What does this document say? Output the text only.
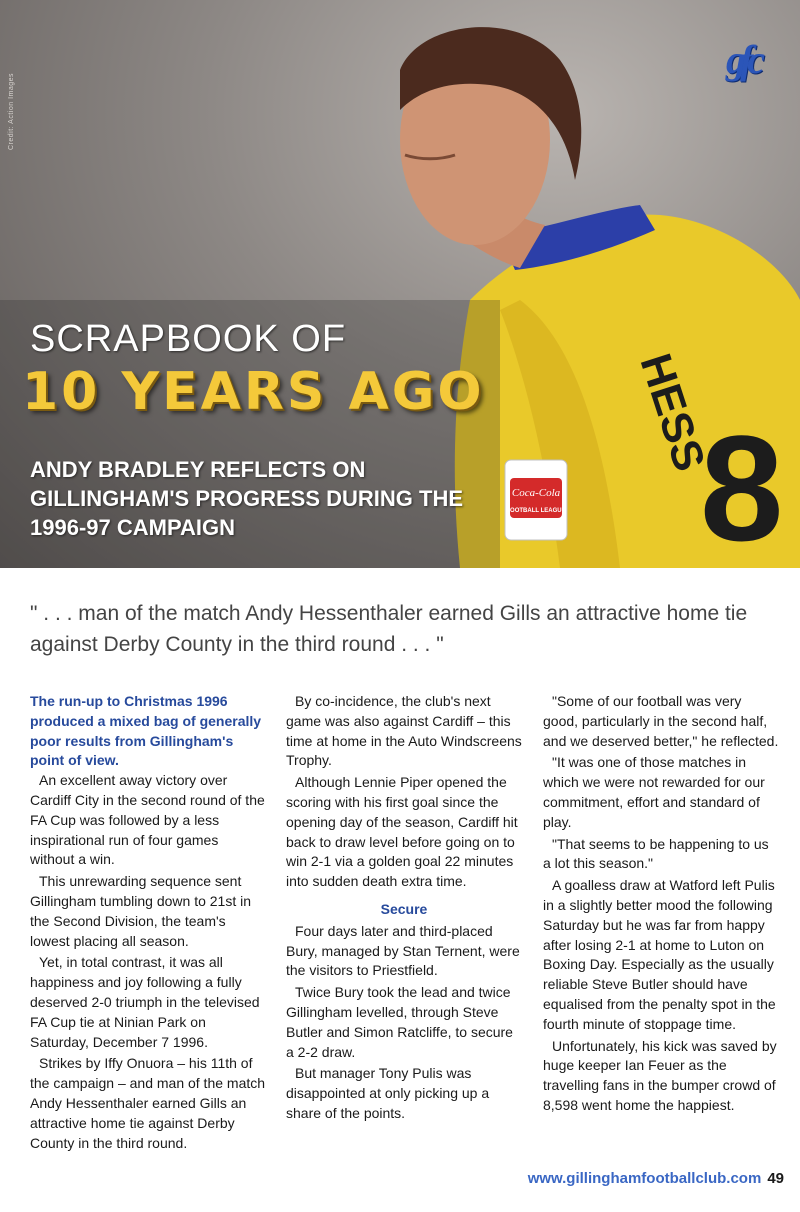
HESS
8
Coca-Cola
FOOTBALL LEAGUE
Credit: Action Images
gfc
SCRAPBOOK OF
10 YEARS AGO
ANDY BRADLEY REFLECTS ON GILLINGHAM'S PROGRESS DURING THE 1996-97 CAMPAIGN
" . . . man of the match Andy Hessenthaler earned Gills an attractive home tie against Derby County in the third round . . . "

The run-up to Christmas 1996 produced a mixed bag of generally poor results from Gillingham's point of view.

An excellent away victory over Cardiff City in the second round of the FA Cup was followed by a less inspirational run of four games without a win.

This unrewarding sequence sent Gillingham tumbling down to 21st in the Second Division, the team's lowest placing all season.

Yet, in total contrast, it was all happiness and joy following a fully deserved 2-0 triumph in the televised FA Cup tie at Ninian Park on Saturday, December 7 1996.

Strikes by Iffy Onuora – his 11th of the campaign – and man of the match Andy Hessenthaler earned Gills an attractive home tie against Derby County in the third round.

By co-incidence, the club's next game was also against Cardiff – this time at home in the Auto Windscreens Trophy.

Although Lennie Piper opened the scoring with his first goal since the opening day of the season, Cardiff hit back to draw level before going on to win 2-1 via a golden goal 22 minutes into sudden death extra time.

Secure

Four days later and third-placed Bury, managed by Stan Ternent, were the visitors to Priestfield.

Twice Bury took the lead and twice Gillingham levelled, through Steve Butler and Simon Ratcliffe, to secure a 2-2 draw.

But manager Tony Pulis was disappointed at only picking up a share of the points.

"Some of our football was very good, particularly in the second half, and we deserved better," he reflected.

"It was one of those matches in which we were not rewarded for our commitment, effort and standard of play.

"That seems to be happening to us a lot this season."

A goalless draw at Watford left Pulis in a slightly better mood the following Saturday but he was far from happy after losing 2-1 at home to Luton on Boxing Day. Especially as the usually reliable Steve Butler should have equalised from the penalty spot in the fourth minute of stoppage time.

Unfortunately, his kick was saved by huge keeper Ian Feuer as the travelling fans in the bumper crowd of 8,598 went home the happiest.

www.gillinghamfootballclub.com 49
